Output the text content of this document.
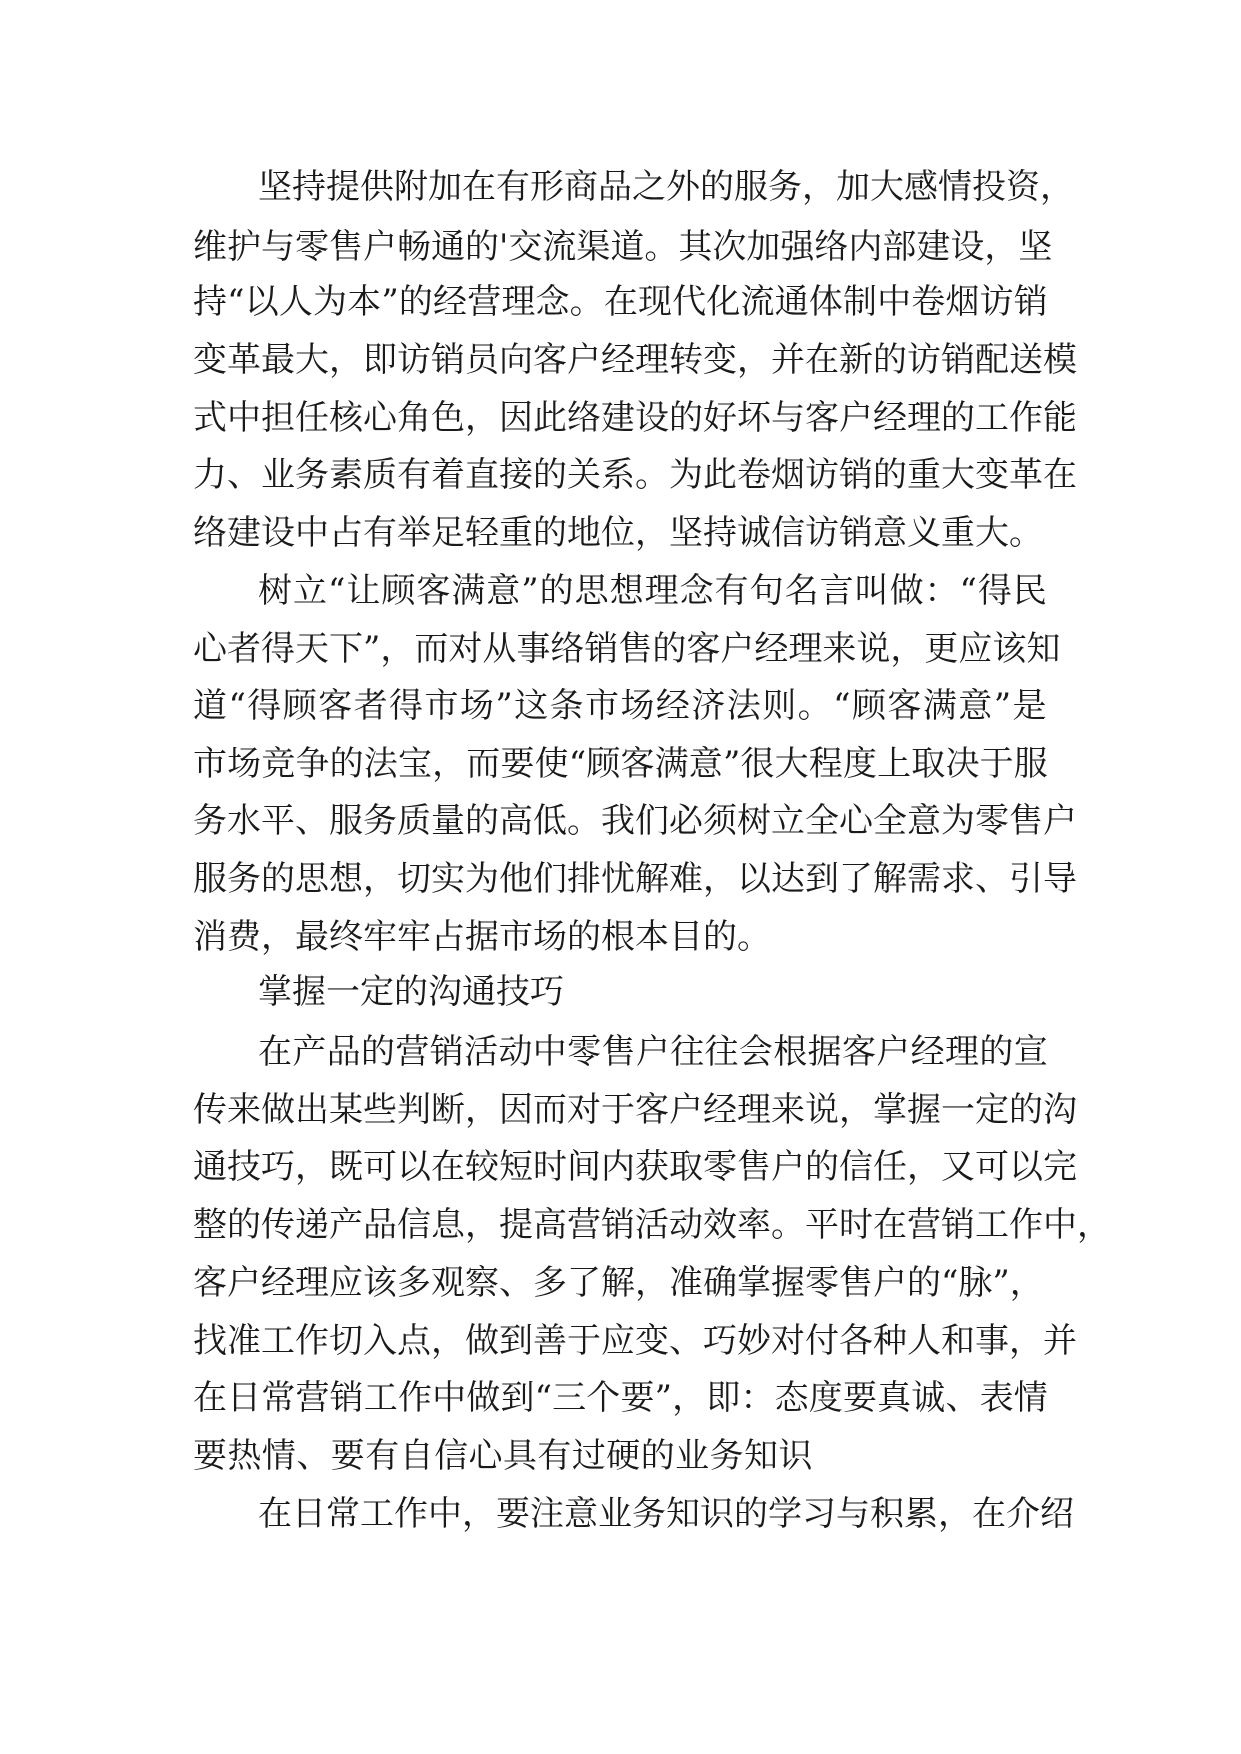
坚持提供附加在有形商品之外的服务，加大感情投资，
维护与零售户畅通的'交流渠道。其次加强络内部建设，坚
持“以人为本”的经营理念。在现代化流通体制中卷烟访销
变革最大，即访销员向客户经理转变，并在新的访销配送模
式中担任核心角色，因此络建设的好坏与客户经理的工作能
力、业务素质有着直接的关系。为此卷烟访销的重大变革在
络建设中占有举足轻重的地位，坚持诚信访销意义重大。
树立“让顾客满意”的思想理念有句名言叫做：“得民
心者得天下”，而对从事络销售的客户经理来说，更应该知
道“得顾客者得市场”这条市场经济法则。“顾客满意”是
市场竞争的法宝，而要使“顾客满意”很大程度上取决于服
务水平、服务质量的高低。我们必须树立全心全意为零售户
服务的思想，切实为他们排忧解难，以达到了解需求、引导
消费，最终牢牢占据市场的根本目的。
掌握一定的沟通技巧
在产品的营销活动中零售户往往会根据客户经理的宣
传来做出某些判断，因而对于客户经理来说，掌握一定的沟
通技巧，既可以在较短时间内获取零售户的信任，又可以完
整的传递产品信息，提高营销活动效率。平时在营销工作中，
客户经理应该多观察、多了解，准确掌握零售户的“脉”，
找准工作切入点，做到善于应变、巧妙对付各种人和事，并
在日常营销工作中做到“三个要”，即：态度要真诚、表情
要热情、要有自信心具有过硬的业务知识
在日常工作中，要注意业务知识的学习与积累，在介绍
